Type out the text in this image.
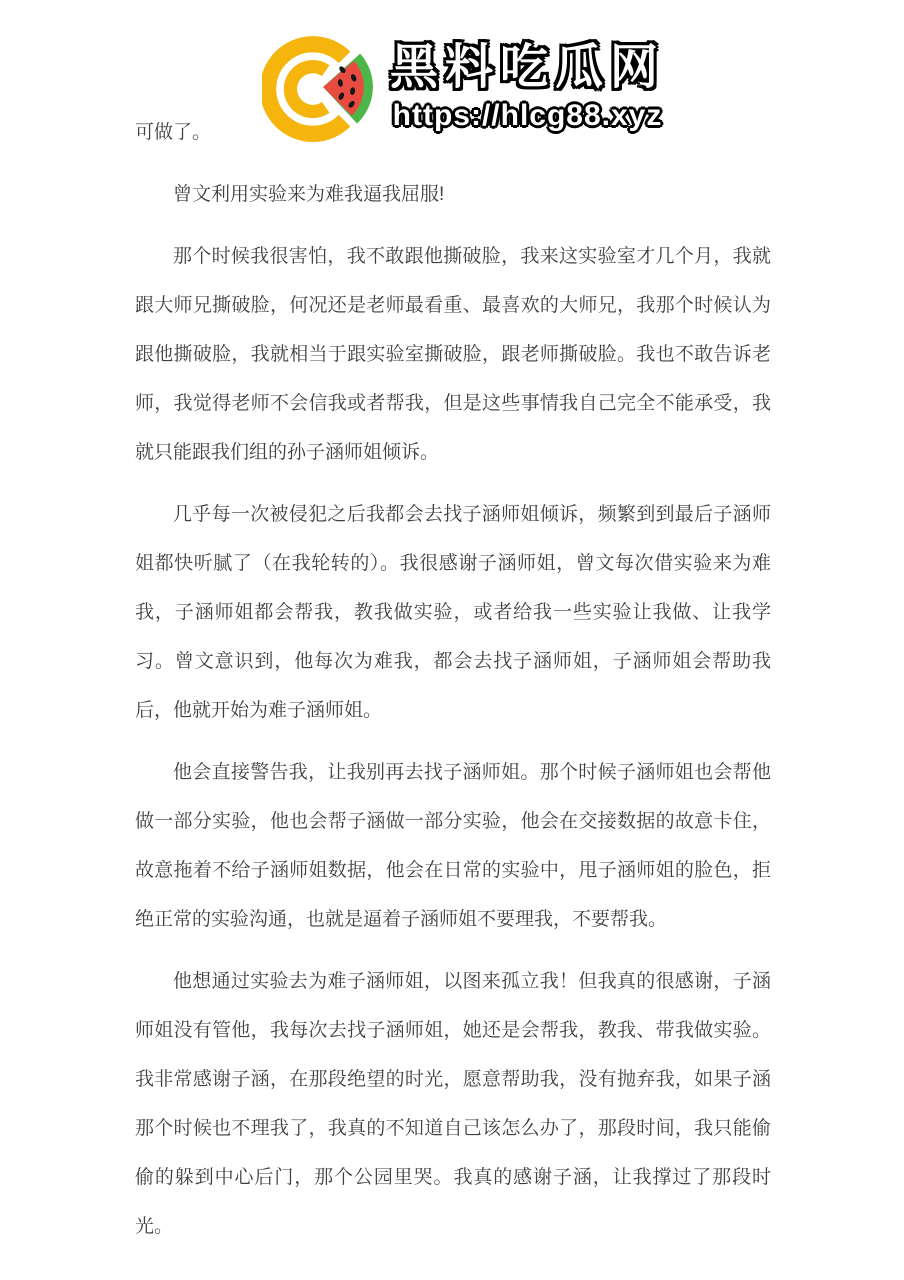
黑料吃瓜网
https://hlcg88.xyz

可做了。

曾文利用实验来为难我逼我屈服!

那个时候我很害怕，我不敢跟他撕破脸，我来这实验室才几个月，我就跟大师兄撕破脸，何况还是老师最看重、最喜欢的大师兄，我那个时候认为跟他撕破脸，我就相当于跟实验室撕破脸，跟老师撕破脸。我也不敢告诉老师，我觉得老师不会信我或者帮我，但是这些事情我自己完全不能承受，我就只能跟我们组的孙子涵师姐倾诉。

几乎每一次被侵犯之后我都会去找子涵师姐倾诉，频繁到到最后子涵师姐都快听腻了（在我轮转的）。我很感谢子涵师姐，曾文每次借实验来为难我，子涵师姐都会帮我，教我做实验，或者给我一些实验让我做、让我学习。曾文意识到，他每次为难我，都会去找子涵师姐，子涵师姐会帮助我后，他就开始为难子涵师姐。

他会直接警告我，让我别再去找子涵师姐。那个时候子涵师姐也会帮他做一部分实验，他也会帮子涵做一部分实验，他会在交接数据的故意卡住，故意拖着不给子涵师姐数据，他会在日常的实验中，甩子涵师姐的脸色，拒绝正常的实验沟通，也就是逼着子涵师姐不要理我，不要帮我。

他想通过实验去为难子涵师姐，以图来孤立我！但我真的很感谢，子涵师姐没有管他，我每次去找子涵师姐，她还是会帮我，教我、带我做实验。我非常感谢子涵，在那段绝望的时光，愿意帮助我，没有抛弃我，如果子涵那个时候也不理我了，我真的不知道自己该怎么办了，那段时间，我只能偷偷的躲到中心后门，那个公园里哭。我真的感谢子涵，让我撑过了那段时光。
